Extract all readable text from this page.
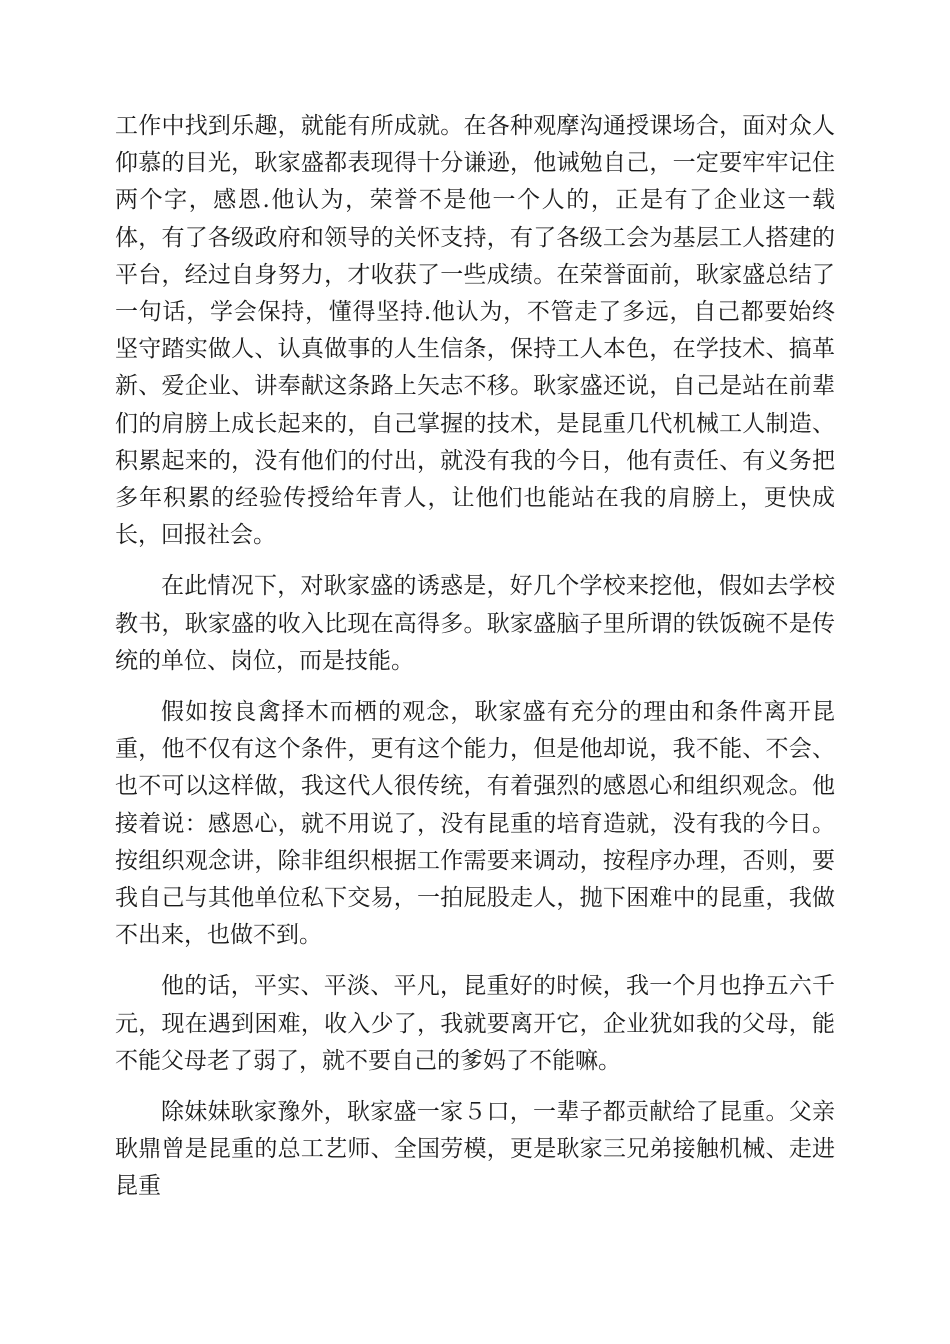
工作中找到乐趣，就能有所成就。在各种观摩沟通授课场合，面对众人仰慕的目光，耿家盛都表现得十分谦逊，他诫勉自己，一定要牢牢记住两个字，感恩.他认为，荣誉不是他一个人的，正是有了企业这一载体，有了各级政府和领导的关怀支持，有了各级工会为基层工人搭建的平台，经过自身努力，才收获了一些成绩。在荣誉面前，耿家盛总结了一句话，学会保持，懂得坚持.他认为，不管走了多远，自己都要始终坚守踏实做人、认真做事的人生信条，保持工人本色，在学技术、搞革新、爱企业、讲奉献这条路上矢志不移。耿家盛还说，自己是站在前辈们的肩膀上成长起来的，自己掌握的技术，是昆重几代机械工人制造、积累起来的，没有他们的付出，就没有我的今日，他有责任、有义务把多年积累的经验传授给年青人，让他们也能站在我的肩膀上，更快成长，回报社会。

在此情况下，对耿家盛的诱惑是，好几个学校来挖他，假如去学校教书，耿家盛的收入比现在高得多。耿家盛脑子里所谓的铁饭碗不是传统的单位、岗位，而是技能。

假如按良禽择木而栖的观念，耿家盛有充分的理由和条件离开昆重，他不仅有这个条件，更有这个能力，但是他却说，我不能、不会、也不可以这样做，我这代人很传统，有着强烈的感恩心和组织观念。他接着说：感恩心，就不用说了，没有昆重的培育造就，没有我的今日。按组织观念讲，除非组织根据工作需要来调动，按程序办理，否则，要我自己与其他单位私下交易，一拍屁股走人，抛下困难中的昆重，我做不出来，也做不到。

他的话，平实、平淡、平凡，昆重好的时候，我一个月也挣五六千元，现在遇到困难，收入少了，我就要离开它，企业犹如我的父母，能不能父母老了弱了，就不要自己的爹妈了不能嘛。

除妹妹耿家豫外，耿家盛一家５口，一辈子都贡献给了昆重。父亲耿鼎曾是昆重的总工艺师、全国劳模，更是耿家三兄弟接触机械、走进昆重
